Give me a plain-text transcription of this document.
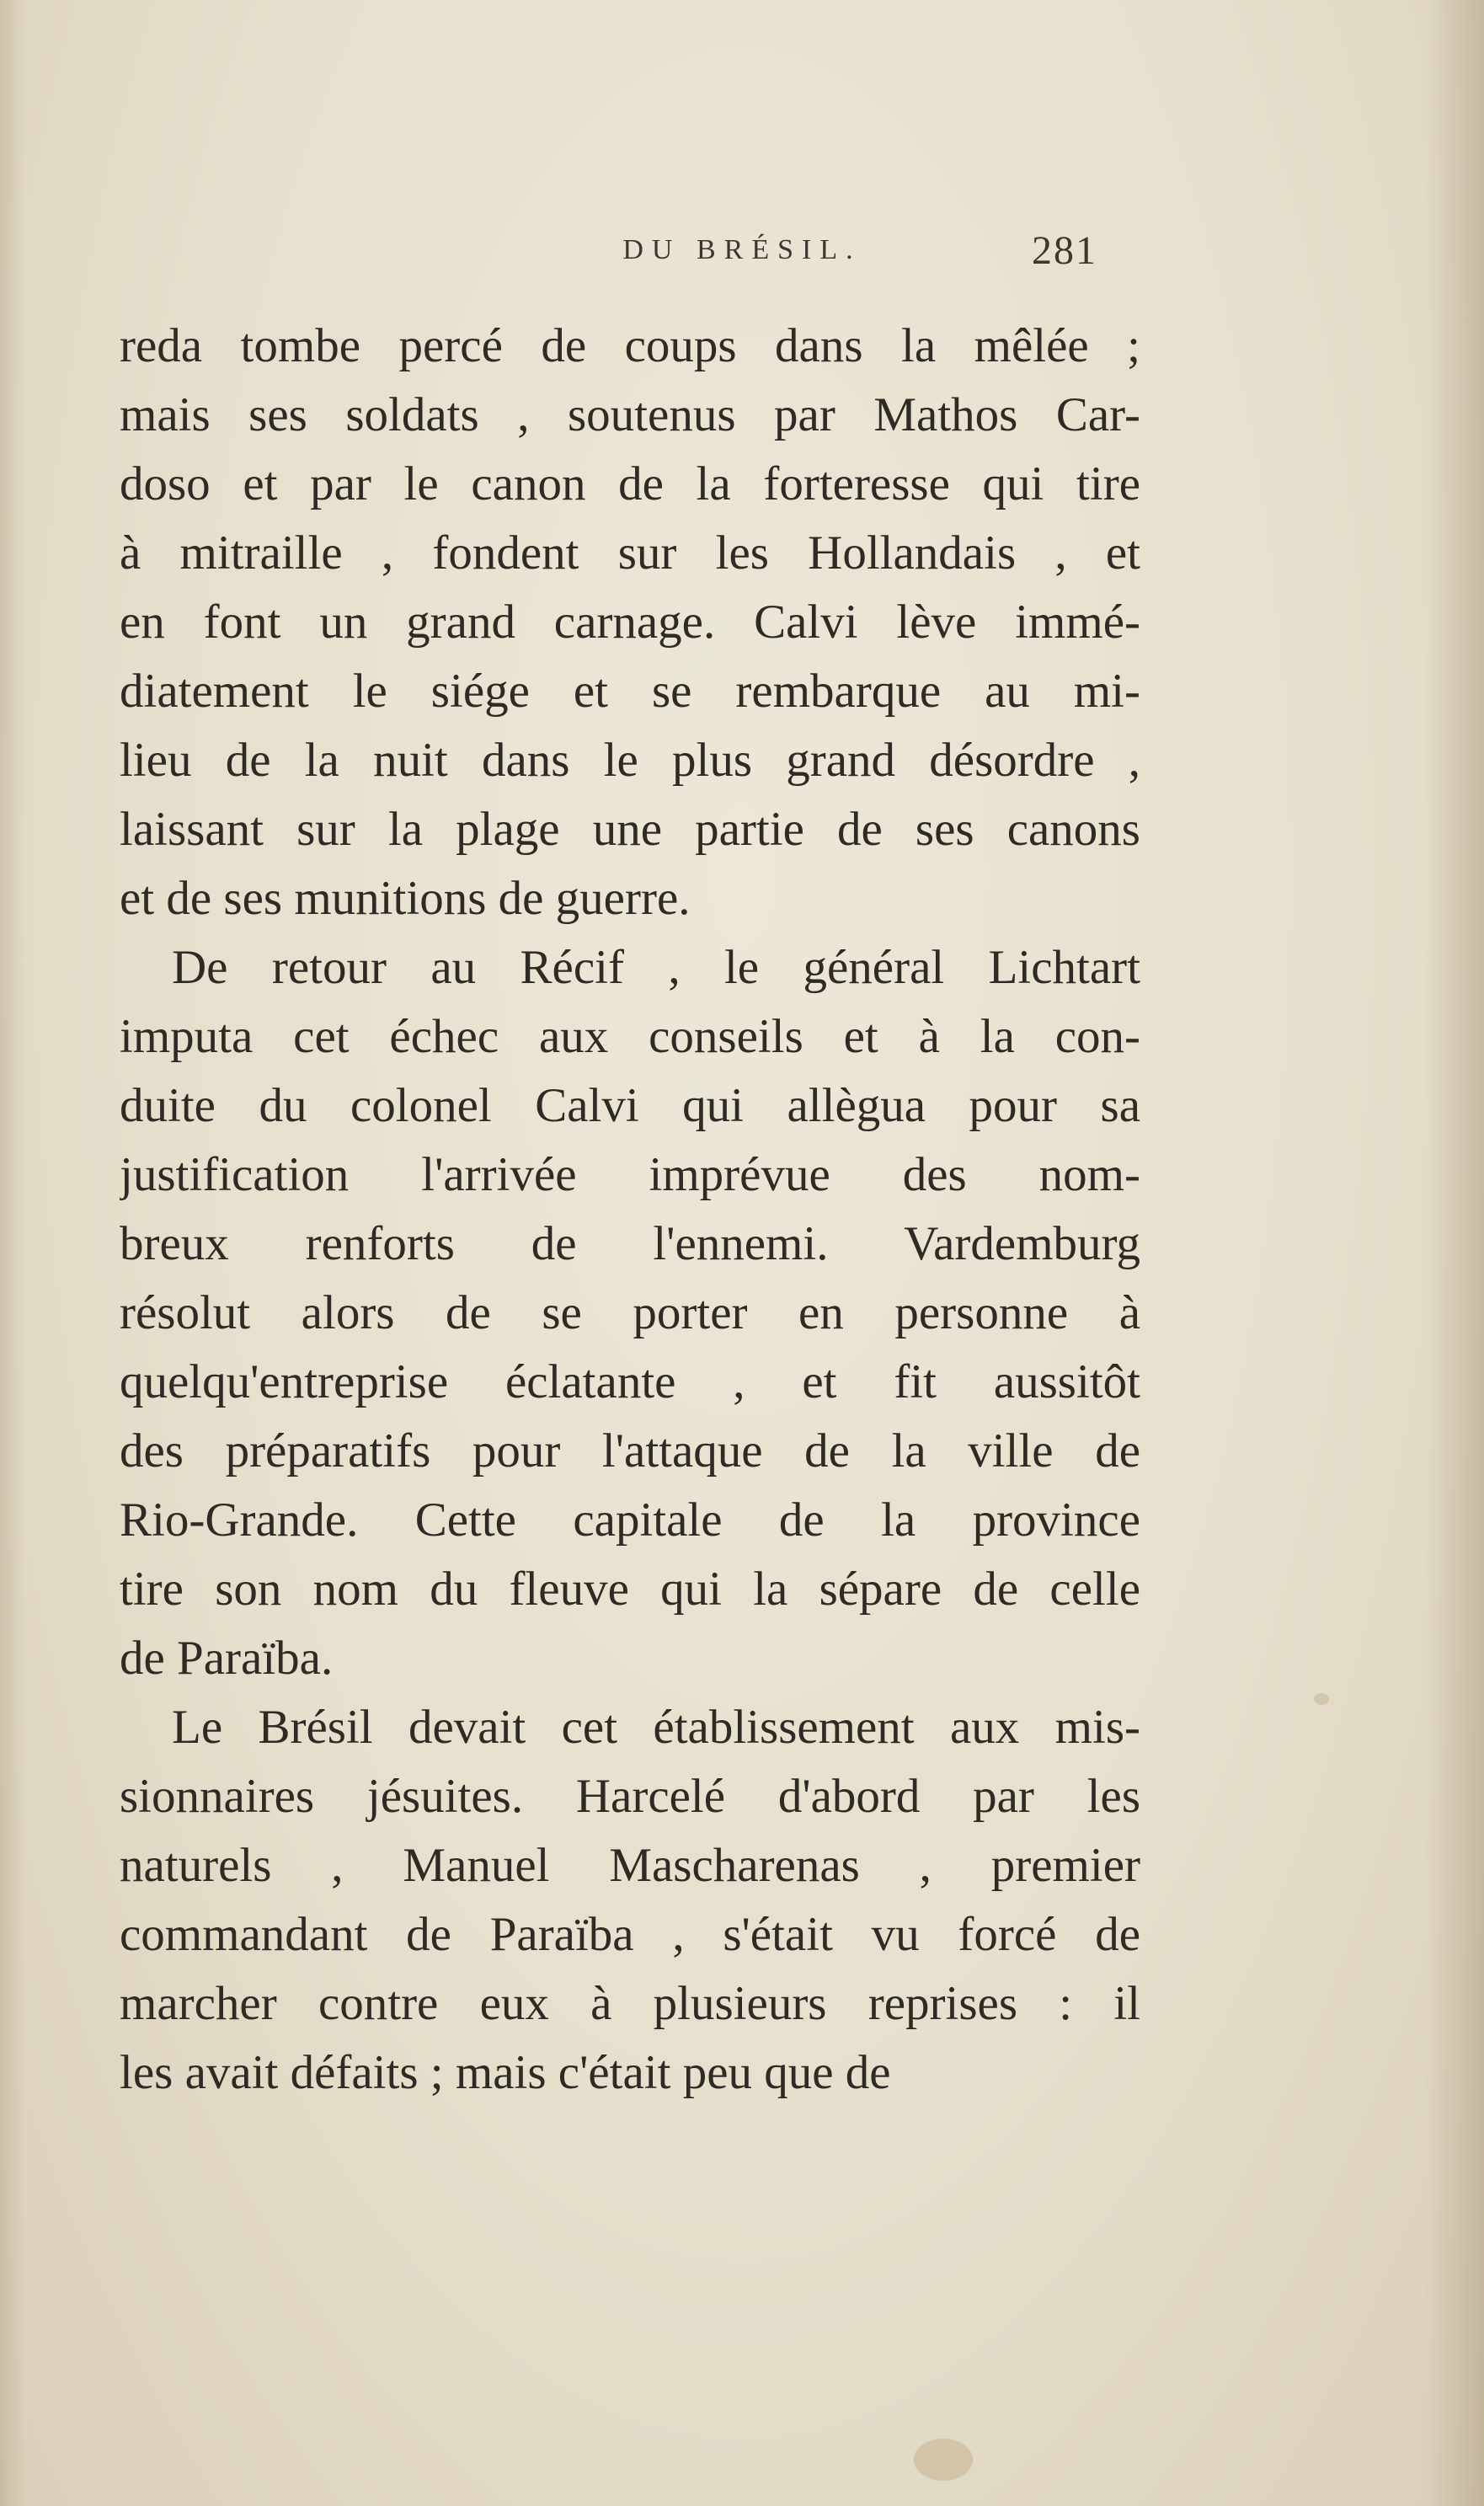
DU BRÉSIL.	281
reda tombe percé de coups dans la mêlée ;
mais ses soldats , soutenus par Mathos Car-
doso et par le canon de la forteresse qui tire
à mitraille , fondent sur les Hollandais , et
en font un grand carnage. Calvi lève immé-
diatement le siége et se rembarque au mi-
lieu de la nuit dans le plus grand désordre ,
laissant sur la plage une partie de ses canons
et de ses munitions de guerre.
De retour au Récif , le général Lichtart
imputa cet échec aux conseils et à la con-
duite du colonel Calvi qui allègua pour sa
justification l'arrivée imprévue des nom-
breux renforts de l'ennemi. Vardemburg
résolut alors de se porter en personne à
quelqu'entreprise éclatante , et fit aussitôt
des préparatifs pour l'attaque de la ville de
Rio-Grande. Cette capitale de la province
tire son nom du fleuve qui la sépare de celle
de Paraïba.
Le Brésil devait cet établissement aux mis-
sionnaires jésuites. Harcelé d'abord par les
naturels , Manuel Mascharenas , premier
commandant de Paraïba , s'était vu forcé de
marcher contre eux à plusieurs reprises : il
les avait défaits ; mais c'était peu que de
